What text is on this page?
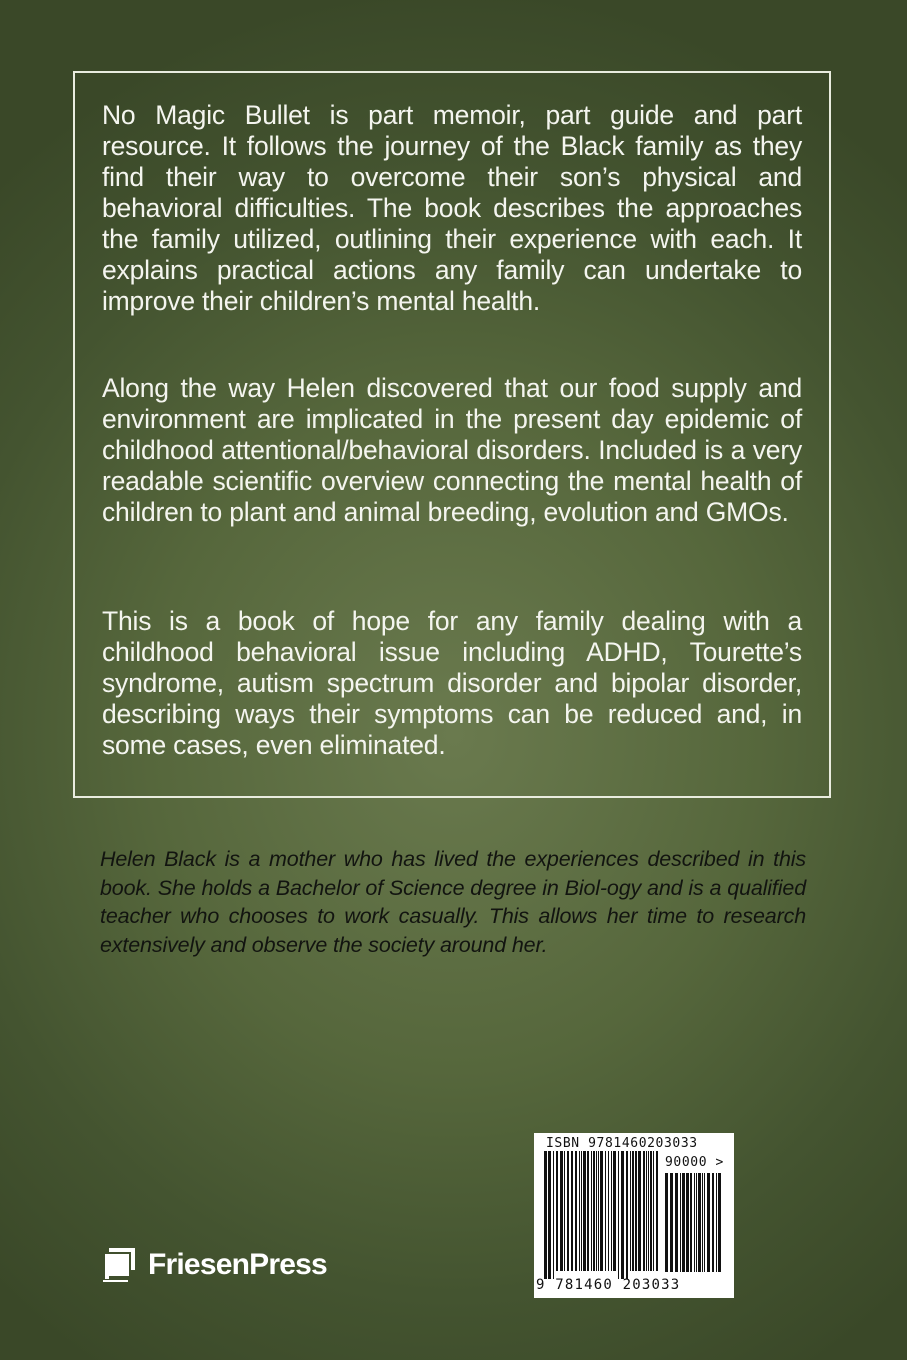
No Magic Bullet is part memoir, part guide and part resource. It follows the journey of the Black family as they find their way to overcome their son’s physical and behavioral difficulties. The book describes the approaches the family utilized, outlining their experience with each. It explains practical actions any family can undertake to improve their children’s mental health.

Along the way Helen discovered that our food supply and environment are implicated in the present day epidemic of childhood attentional/behavioral disorders. Included is a very readable scientific overview connecting the mental health of children to plant and animal breeding, evolution and GMOs.

This is a book of hope for any family dealing with a childhood behavioral issue including ADHD, Tourette’s syndrome, autism spectrum disorder and bipolar disorder, describing ways their symptoms can be reduced and, in some cases, even eliminated.

Helen Black is a mother who has lived the experiences described in this book. She holds a Bachelor of Science degree in Biol-ogy and is a qualified teacher who chooses to work casually. This allows her time to research extensively and observe the society around her.

FriesenPress

ISBN 9781460203033

90000 >

9 781460 203033
